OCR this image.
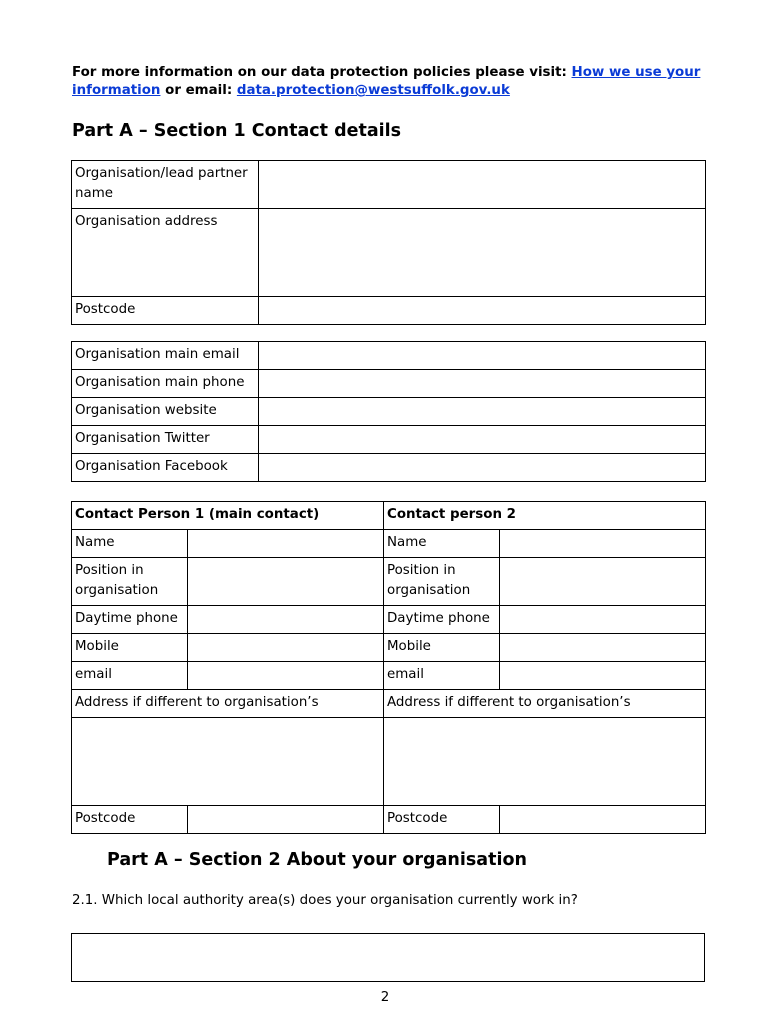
For more information on our data protection policies please visit: How we use your information or email: data.protection@westsuffolk.gov.uk
Part A – Section 1 Contact details
Organisation/lead partner name	
Organisation address	
Postcode	
Organisation main email	
Organisation main phone	
Organisation website	
Organisation Twitter	
Organisation Facebook	
Contact Person 1 (main contact)		Contact person 2	
Name		Name	
Position in organisation		Position in organisation	
Daytime phone		Daytime phone	
Mobile		Mobile	
email		email	
Address if different to organisation’s		Address if different to organisation’s	

Postcode		Postcode	
Part A – Section 2 About your organisation
2.1. Which local authority area(s) does your organisation currently work in?
2
